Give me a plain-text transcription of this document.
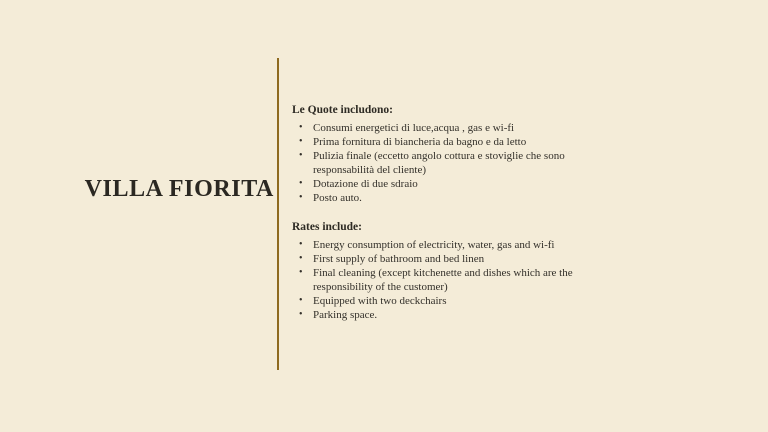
VILLA FIORITA
Le Quote includono:
• Consumi energetici di luce,acqua , gas e wi-fi
• Prima fornitura di biancheria da bagno e da letto
• Pulizia finale (eccetto angolo cottura e stoviglie che sono responsabilità del cliente)
• Dotazione di due sdraio
• Posto auto.
Rates include:
• Energy consumption of electricity, water, gas and wi-fi
• First supply of bathroom and bed linen
• Final cleaning (except kitchenette and dishes which are the responsibility of the customer)
• Equipped with two deckchairs
• Parking space.
